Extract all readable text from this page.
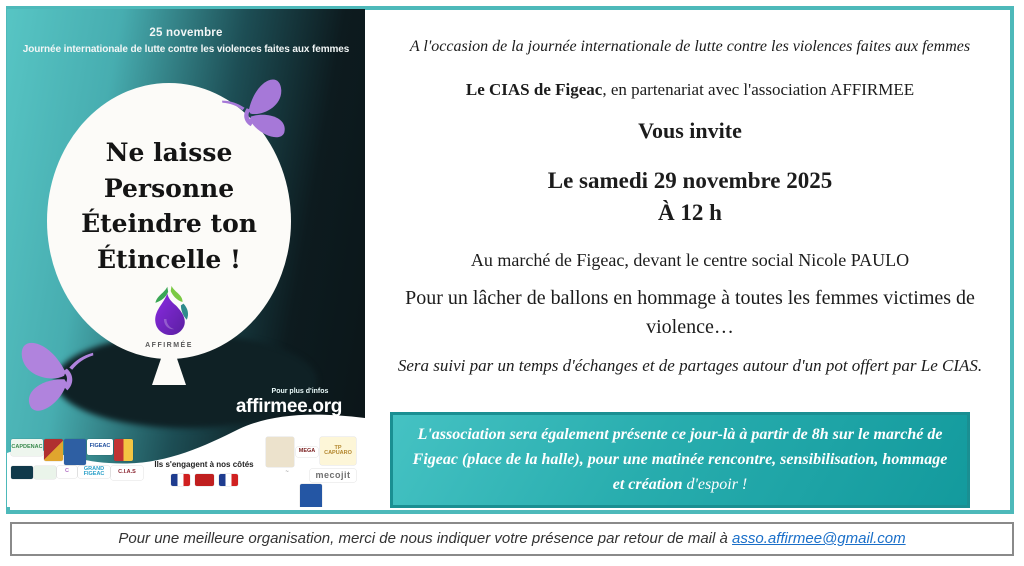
25 novembre
Journée internationale de lutte contre les violences faites aux femmes
Ne laisse
Personne
Éteindre ton
Étincelle !
AFFIRMÉE
Pour plus d'infos
affirmee.org
CAPDENAC	FIGEAC
C	GRAND FIGEAC	C.I.A.S
Ils s'engagent à nos côtés
MEGA
TP CAPUARO
~	mecojit
A l'occasion de la journée internationale de lutte contre les violences faites aux femmes
Le CIAS de Figeac, en partenariat avec l'association AFFIRMEE
Vous invite
Le samedi 29 novembre 2025
À 12 h
Au marché de Figeac, devant le centre social Nicole PAULO
Pour un lâcher de ballons en hommage à toutes les femmes victimes de violence…
Sera suivi par un temps d'échanges et de partages autour d'un pot offert par Le CIAS.
L'association sera également présente ce jour-là à partir de 8h sur le marché de Figeac (place de la halle), pour une matinée rencontre, sensibilisation, hommage et création d'espoir !
Pour une meilleure organisation, merci de nous indiquer votre présence par retour de mail à asso.affirmee@gmail.com
